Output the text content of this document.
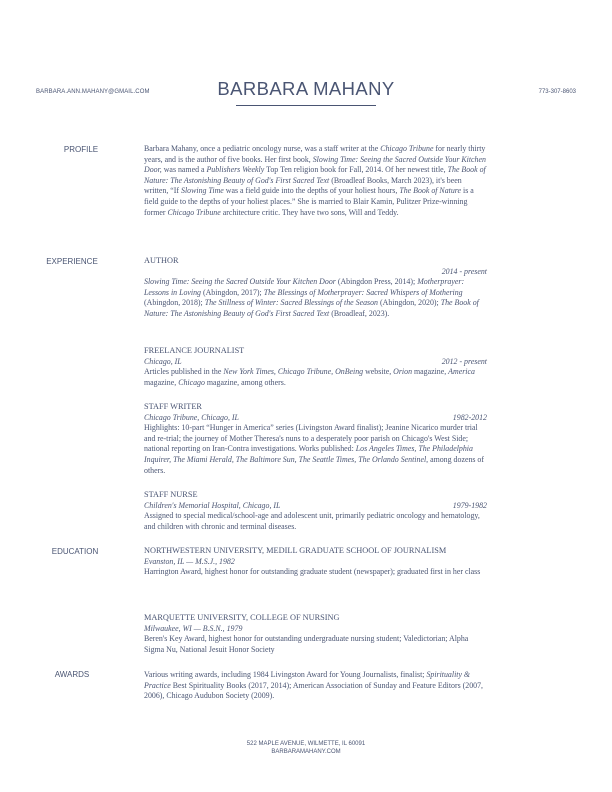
BARBARA.ANN.MAHANY@GMAIL.COM	BARBARA MAHANY	773-307-8603
PROFILE
EXPERIENCE
EDUCATION
AWARDS

Barbara Mahany, once a pediatric oncology nurse, was a staff writer at the Chicago Tribune for nearly thirty years, and is the author of five books. Her first book, Slowing Time: Seeing the Sacred Outside Your Kitchen Door, was named a Publishers Weekly Top Ten religion book for Fall, 2014. Of her newest title, The Book of Nature: The Astonishing Beauty of God's First Sacred Text (Broadleaf Books, March 2023), it's been written, “If Slowing Time was a field guide into the depths of your holiest hours, The Book of Nature is a field guide to the depths of your holiest places.” She is married to Blair Kamin, Pulitzer Prize-winning former Chicago Tribune architecture critic. They have two sons, Will and Teddy.

AUTHOR
2014 - present

Slowing Time: Seeing the Sacred Outside Your Kitchen Door (Abingdon Press, 2014); Motherprayer: Lessons in Loving (Abingdon, 2017); The Blessings of Motherprayer: Sacred Whispers of Mothering (Abingdon, 2018); The Stillness of Winter: Sacred Blessings of the Season (Abingdon, 2020); The Book of Nature: The Astonishing Beauty of God's First Sacred Text (Broadleaf, 2023).

FREELANCE JOURNALIST
Chicago, IL	2012 - present

Articles published in the New York Times, Chicago Tribune, OnBeing website, Orion magazine, America magazine, Chicago magazine, among others.

STAFF WRITER
Chicago Tribune, Chicago, IL	1982-2012

Highlights: 10-part “Hunger in America” series (Livingston Award finalist); Jeanine Nicarico murder trial and re-trial; the journey of Mother Theresa's nuns to a desperately poor parish on Chicago's West Side; national reporting on Iran-Contra investigations. Works published: Los Angeles Times, The Philadelphia Inquirer, The Miami Herald, The Baltimore Sun, The Seattle Times, The Orlando Sentinel, among dozens of others.

STAFF NURSE
Children's Memorial Hospital, Chicago, IL	1979-1982

Assigned to special medical/school-age and adolescent unit, primarily pediatric oncology and hematology, and children with chronic and terminal diseases.

NORTHWESTERN UNIVERSITY, MEDILL GRADUATE SCHOOL OF JOURNALISM
Evanston, IL — M.S.J., 1982

Harrington Award, highest honor for outstanding graduate student (newspaper); graduated first in her class

MARQUETTE UNIVERSITY, COLLEGE OF NURSING
Milwaukee, WI — B.S.N., 1979

Beren's Key Award, highest honor for outstanding undergraduate nursing student; Valedictorian; Alpha Sigma Nu, National Jesuit Honor Society

Various writing awards, including 1984 Livingston Award for Young Journalists, finalist; Spirituality & Practice Best Spirituality Books (2017, 2014); American Association of Sunday and Feature Editors (2007, 2006), Chicago Audubon Society (2009).

522 MAPLE AVENUE, WILMETTE, IL 60091
BARBARAMAHANY.COM
